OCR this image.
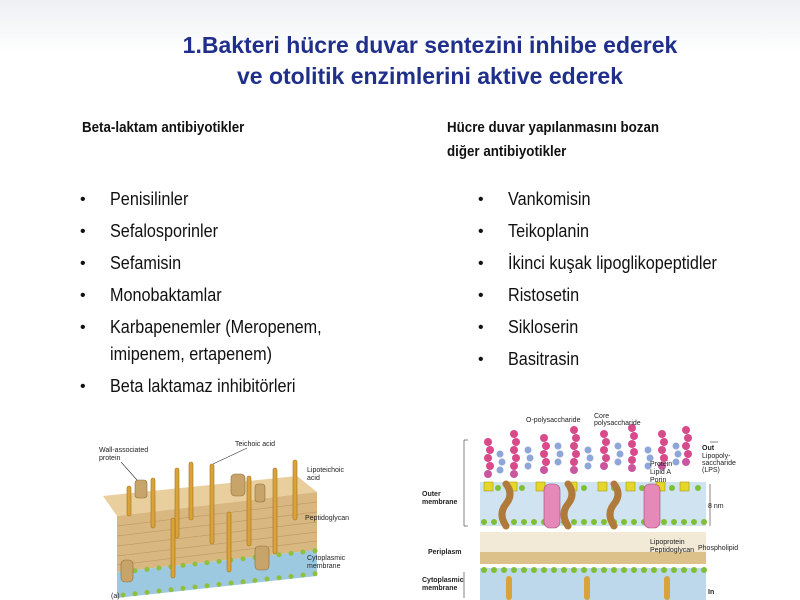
1.Bakteri hücre duvar sentezini inhibe ederek
ve otolitik enzimlerini aktive ederek
Beta-laktam antibiyotikler	Hücre duvar yapılanmasını bozan
diğer antibiyotikler
• Penisilinler
• Sefalosporinler
• Sefamisin
• Monobaktamlar
• Karbapenemler (Meropenem,
imipenem, ertapenem)
• Beta laktamaz inhibitörleri
• Vankomisin
• Teikoplanin
• İkinci kuşak lipoglikopeptidler
• Ristosetin
• Sikloserin
• Basitrasin
Wall-associated
protein
Teichoic acid
Lipoteichoic
acid
Peptidoglycan
Cytoplasmic
membrane
(a)
O-polysaccharide
Core
polysaccharide
Out
Lipopoly-
saccharide
(LPS)
Protein
Lipid A
Porin
8 nm
Outer
membrane
Lipoprotein
Peptidoglycan Phospholipid
Periplasm
Cytoplasmic
membrane
In
